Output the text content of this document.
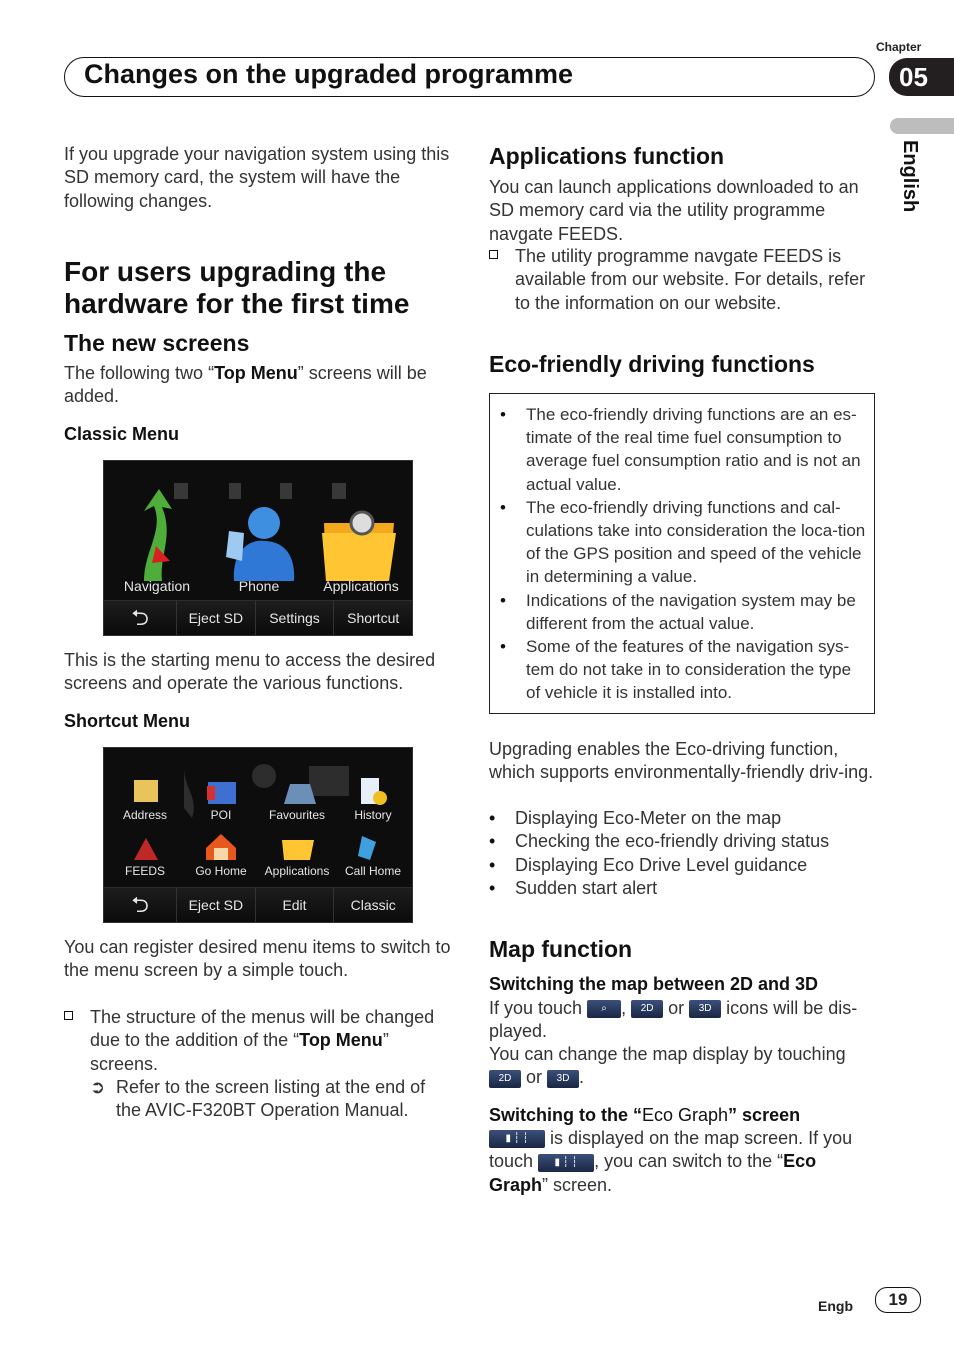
Chapter
Changes on the upgraded programme	05
English
If you upgrade your navigation system using this SD memory card, the system will have the following changes.
For users upgrading the hardware for the first time
The new screens
The following two “Top Menu” screens will be added.
Classic Menu
Navigation	Phone	Applications
⮌	Eject SD	Settings	Shortcut
This is the starting menu to access the desired screens and operate the various functions.
Shortcut Menu
Address	POI	Favourites	History
FEEDS	Go Home	Applications	Call Home
⮌	Eject SD	Edit	Classic
You can register desired menu items to switch to the menu screen by a simple touch.
The structure of the menus will be changed due to the addition of the “Top Menu” screens.
➲ Refer to the screen listing at the end of the AVIC-F320BT Operation Manual.
Applications function
You can launch applications downloaded to an SD memory card via the utility programme navgate FEEDS.
The utility programme navgate FEEDS is available from our website. For details, refer to the information on our website.
Eco-friendly driving functions
• The eco-friendly driving functions are an es-timate of the real time fuel consumption to average fuel consumption ratio and is not an actual value.
• The eco-friendly driving functions and cal-culations take into consideration the loca-tion of the GPS position and speed of the vehicle in determining a value.
• Indications of the navigation system may be different from the actual value.
• Some of the features of the navigation sys-tem do not take in to consideration the type of vehicle it is installed into.
Upgrading enables the Eco-driving function, which supports environmentally-friendly driv-ing.
• Displaying Eco-Meter on the map
• Checking the eco-friendly driving status
• Displaying Eco Drive Level guidance
• Sudden start alert
Map function
Switching the map between 2D and 3D
If you touch ⌕ , 2D or 3D icons will be dis-played.
You can change the map display by touching
2D or 3D .
Switching to the “Eco Graph” screen
▮ ┆ ┆ is displayed on the map screen. If you touch ▮ ┆ ┆ , you can switch to the “Eco Graph” screen.
Engb	19
